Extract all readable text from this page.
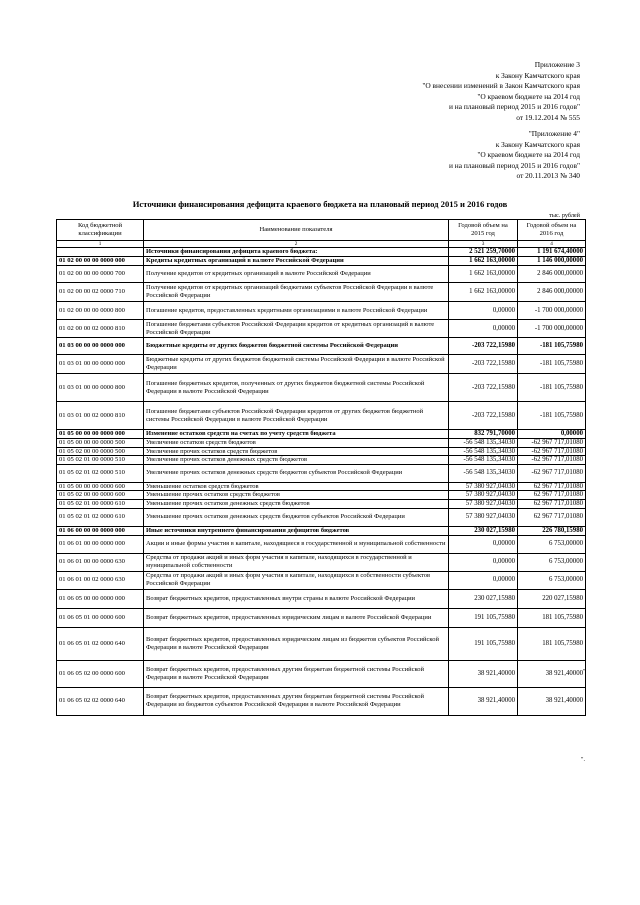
Приложение 3
к Закону Камчатского края
"О внесении изменений в Закон Камчатского края
"О краевом бюджете на 2014 год
и на плановый период 2015 и 2016 годов"
от 19.12.2014 № 555
"Приложение 4"
к Закону Камчатского края
"О краевом бюджете на 2014 год
и на плановый период 2015 и 2016 годов"
от 20.11.2013 № 340
Источники финансирования дефицита краевого бюджета на плановый период 2015 и 2016 годов
тыс. рублей
Код бюджетной классификации	Наименование показателя	Годовой объем на 2015 год	Годовой объем на 2016 год
1	2	3	4
	Источники финансирования дефицита краевого бюджета:	2 521 259,70000	1 191 674,40000
01 02 00 00 00 0000 000	Кредиты кредитных организаций в валюте Российской Федерации	1 662 163,00000	1 146 000,00000
01 02 00 00 00 0000 700	Получение кредитов от кредитных организаций в валюте Российской Федерации	1 662 163,00000	2 846 000,00000
01 02 00 00 02 0000 710	Получение кредитов от кредитных организаций бюджетами субъектов Российской Федерации в валюте Российской Федерации	1 662 163,00000	2 846 000,00000
01 02 00 00 00 0000 800	Погашение кредитов, предоставленных кредитными организациями в валюте Российской Федерации	0,00000	-1 700 000,00000
01 02 00 00 02 0000 810	Погашение бюджетами субъектов Российской Федерации кредитов от кредитных организаций в валюте Российской Федерации	0,00000	-1 700 000,00000
01 03 00 00 00 0000 000	Бюджетные кредиты от других бюджетов бюджетной системы Российской Федерации	-203 722,15980	-181 105,75980
01 03 01 00 00 0000 000	Бюджетные кредиты от других бюджетов бюджетной системы Российской Федерации в валюте Российской Федерации	-203 722,15980	-181 105,75980
01 03 01 00 00 0000 800	Погашение бюджетных кредитов, полученных от других бюджетов бюджетной системы Российской Федерации в валюте Российской Федерации	-203 722,15980	-181 105,75980
01 03 01 00 02 0000 810	Погашение бюджетами субъектов Российской Федерации кредитов от других бюджетов бюджетной системы Российской Федерации в валюте Российской Федерации	-203 722,15980	-181 105,75980
01 05 00 00 00 0000 000	Изменение остатков средств на счетах по учету средств бюджета	832 791,70000	0,00000
01 05 00 00 00 0000 500	Увеличение остатков средств бюджетов	-56 548 135,34030	-62 967 717,01080
01 05 02 00 00 0000 500	Увеличение прочих остатков средств бюджетов	-56 548 135,34030	-62 967 717,01080
01 05 02 01 00 0000 510	Увеличение прочих остатков денежных средств бюджетов	-56 548 135,34030	-62 967 717,01080
01 05 02 01 02 0000 510	Увеличение прочих остатков денежных средств бюджетов субъектов Российской Федерации	-56 548 135,34030	-62 967 717,01080
01 05 00 00 00 0000 600	Уменьшение остатков средств бюджетов	57 380 927,04030	62 967 717,01080
01 05 02 00 00 0000 600	Уменьшение прочих остатков средств бюджетов	57 380 927,04030	62 967 717,01080
01 05 02 01 00 0000 610	Уменьшение прочих остатков денежных средств бюджетов	57 380 927,04030	62 967 717,01080
01 05 02 01 02 0000 610	Уменьшение прочих остатков денежных средств бюджетов субъектов Российской Федерации	57 380 927,04030	62 967 717,01080
01 06 00 00 00 0000 000	Иные источники внутреннего финансирования дефицитов бюджетов	230 027,15980	226 780,15980
01 06 01 00 00 0000 000	Акции и иные формы участия в капитале, находящиеся в государственной и муниципальной собственности	0,00000	6 753,00000
01 06 01 00 00 0000 630	Средства от продажи акций и иных форм участия в капитале, находящихся в государственной и муниципальной собственности	0,00000	6 753,00000
01 06 01 00 02 0000 630	Средства от продажи акций и иных форм участия в капитале, находящихся в собственности субъектов Российской Федерации	0,00000	6 753,00000
01 06 05 00 00 0000 000	Возврат бюджетных кредитов, предоставленных внутри страны в валюте Российской Федерации	230 027,15980	220 027,15980
01 06 05 01 00 0000 600	Возврат бюджетных кредитов, предоставленных юридическим лицам в валюте Российской Федерации	191 105,75980	181 105,75980
01 06 05 01 02 0000 640	Возврат бюджетных кредитов, предоставленных юридическим лицам из бюджетов субъектов Российской Федерации в валюте Российской Федерации	191 105,75980	181 105,75980
01 06 05 02 00 0000 600	Возврат бюджетных кредитов, предоставленных другим бюджетам бюджетной системы Российской Федерации в валюте Российской Федерации	38 921,40000	38 921,40000
01 06 05 02 02 0000 640	Возврат бюджетных кредитов, предоставленных другим бюджетам бюджетной системы Российской Федерации из бюджетов субъектов Российской Федерации в валюте Российской Федерации	38 921,40000	38 921,40000
"
".
